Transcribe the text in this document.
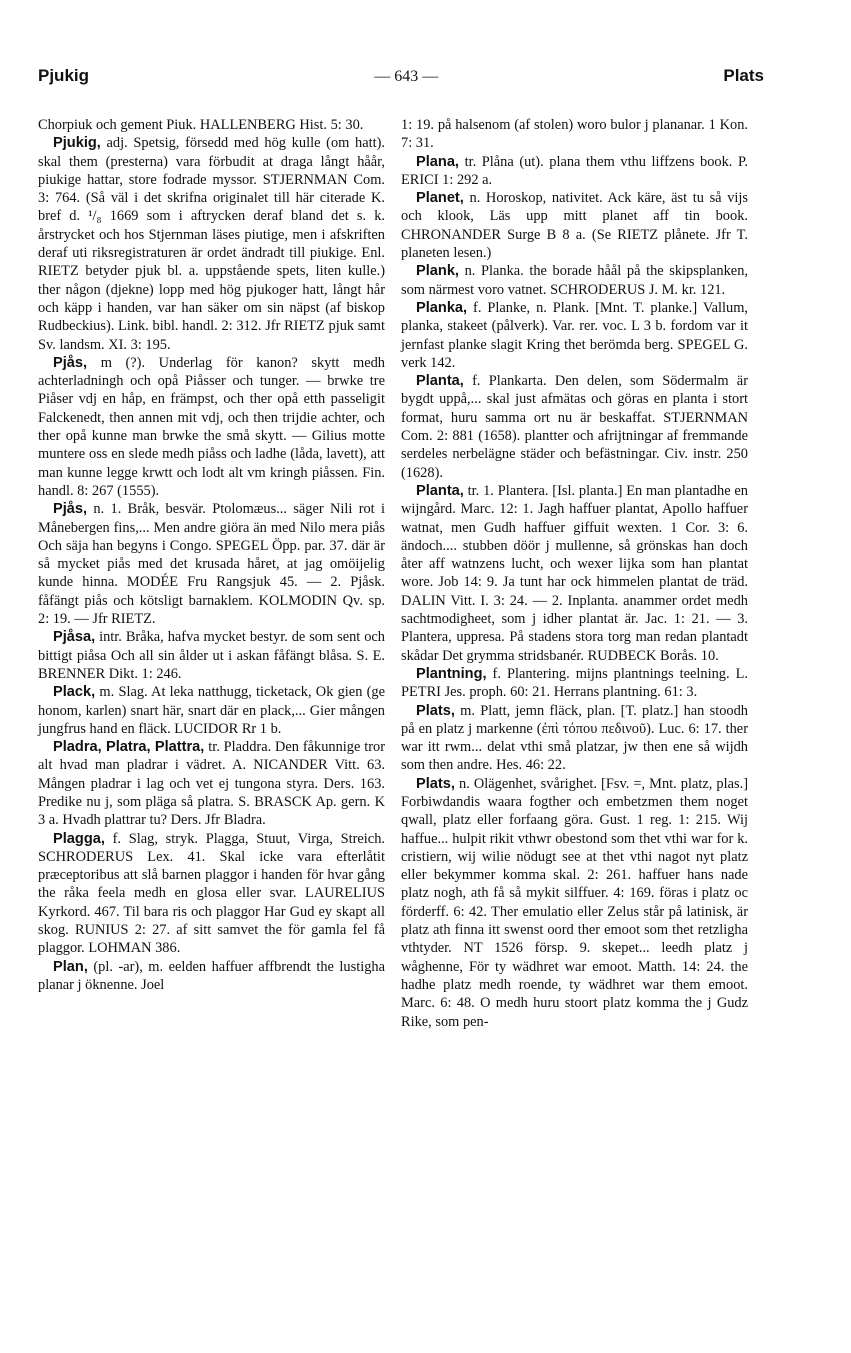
Pjukig	— 643 —	Plats

Chorpiuk och gement Piuk. HALLENBERG Hist. 5: 30.

Pjukig, adj. Spetsig, försedd med hög kulle (om hatt). skal them (presterna) vara förbudit at draga långt håår, piukige hattar, store fodrade myssor. STJERNMAN Com. 3: 764. (Så väl i det skrifna originalet till här citerade K. bref d. ¹/₈ 1669 som i aftrycken deraf bland det s. k. årstrycket och hos Stjernman läses piutige, men i afskriften deraf uti riksregistraturen är ordet ändradt till piukige. Enl. RIETZ betyder pjuk bl. a. uppstående spets, liten kulle.) ther någon (djekne) lopp med hög pjukoger hatt, långt hår och käpp i handen, var han säker om sin näpst (af biskop Rudbeckius). Link. bibl. handl. 2: 312. Jfr RIETZ pjuk samt Sv. landsm. XI. 3: 195.

Pjås, m (?). Underlag för kanon? skytt medh achterladningh och opå Piåsser och tunger. — brwke tre Piåser vdj en håp, en främpst, och ther opå etth passeligit Falckenedt, then annen mit vdj, och then trijdie achter, och ther opå kunne man brwke the små skytt. — Gilius motte muntere oss en slede medh piåss och ladhe (låda, lavett), att man kunne legge krwtt och lodt alt vm kringh piåssen. Fin. handl. 8: 267 (1555).

Pjås, n. 1. Bråk, besvär. Ptolomæus... säger Nili rot i Månebergen fins,... Men andre giöra än med Nilo mera piås Och säja han begyns i Congo. SPEGEL Öpp. par. 37. där är så mycket piås med det krusada håret, at jag omöijelig kunde hinna. MODÉE Fru Rangsjuk 45. — 2. Pjåsk. fåfängt piås och kötsligt barnaklem. KOLMODIN Qv. sp. 2: 19. — Jfr RIETZ.

Pjåsa, intr. Bråka, hafva mycket bestyr. de som sent och bittigt piåsa Och all sin ålder ut i askan fåfängt blåsa. S. E. BRENNER Dikt. 1: 246.

Plack, m. Slag. At leka natthugg, ticketack, Ok gien (ge honom, karlen) snart här, snart där en plack,... Gier mången jungfrus hand en fläck. LUCIDOR Rr 1 b.

Pladra, Platra, Plattra, tr. Pladdra. Den fåkunnige tror alt hvad man pladrar i vädret. A. NICANDER Vitt. 63. Mången pladrar i lag och vet ej tungona styra. Ders. 163. Predike nu j, som pläga så platra. S. BRASCK Ap. gern. K 3 a. Hvadh plattrar tu? Ders. Jfr Bladra.

Plagga, f. Slag, stryk. Plagga, Stuut, Virga, Streich. SCHRODERUS Lex. 41. Skal icke vara efterlåtit præceptoribus att slå barnen plaggor i handen för hvar gång the råka feela medh en glosa eller svar. LAURELIUS Kyrkord. 467. Til bara ris och plaggor Har Gud ey skapt all skog. RUNIUS 2: 27. af sitt samvet the för gamla fel få plaggor. LOHMAN 386.

Plan, (pl. -ar), m. eelden haffuer affbrendt the lustigha planar j öknenne. Joel

1: 19. på halsenom (af stolen) woro bulor j plananar. 1 Kon. 7: 31.

Plana, tr. Plåna (ut). plana them vthu liffzens book. P. ERICI 1: 292 a.

Planet, n. Horoskop, nativitet. Ack käre, äst tu så vijs och klook, Läs upp mitt planet aff tin book. CHRONANDER Surge B 8 a. (Se RIETZ plånete. Jfr T. planeten lesen.)

Plank, n. Planka. the borade håål på the skipsplanken, som närmest voro vatnet. SCHRODERUS J. M. kr. 121.

Planka, f. Planke, n. Plank. [Mnt. T. planke.] Vallum, planka, stakeet (pålverk). Var. rer. voc. L 3 b. fordom var it jernfast planke slagit Kring thet berömda berg. SPEGEL G. verk 142.

Planta, f. Plankarta. Den delen, som Södermalm är bygdt uppå,... skal just afmätas och göras en planta i stort format, huru samma ort nu är beskaffat. STJERNMAN Com. 2: 881 (1658). plantter och afrijtningar af fremmande serdeles nerbelägne städer och befästningar. Civ. instr. 250 (1628).

Planta, tr. 1. Plantera. [Isl. planta.] En man plantadhe en wijngård. Marc. 12: 1. Jagh haffuer plantat, Apollo haffuer watnat, men Gudh haffuer giffuit wexten. 1 Cor. 3: 6. ändoch.... stubben döör j mullenne, så grönskas han doch åter aff watnzens lucht, och wexer lijka som han plantat wore. Job 14: 9. Ja tunt har ock himmelen plantat de träd. DALIN Vitt. I. 3: 24. — 2. Inplanta. anammer ordet medh sachtmodigheet, som j idher plantat är. Jac. 1: 21. — 3. Plantera, uppresa. På stadens stora torg man redan plantadt skådar Det grymma stridsbanér. RUDBECK Borås. 10.

Plantning, f. Plantering. mijns plantnings teelning. L. PETRI Jes. proph. 60: 21. Herrans plantning. 61: 3.

Plats, m. Platt, jemn fläck, plan. [T. platz.] han stoodh på en platz j markenne (ἐπὶ τόπου πεδινοῦ). Luc. 6: 17. ther war itt rwm... delat vthi små platzar, jw then ene så wijdh som then andre. Hes. 46: 22.

Plats, n. Olägenhet, svårighet. [Fsv. =, Mnt. platz, plas.] Forbiwdandis waara fogther och embetzmen them noget qwall, platz eller forfaang göra. Gust. 1 reg. 1: 215. Wij haffue... hulpit rikit vthwr obestond som thet vthi war for k. cristiern, wij wilie nödugt see at thet vthi nagot nyt platz eller bekymmer komma skal. 2: 261. haffuer hans nade platz nogh, ath få så mykit silffuer. 4: 169. föras i platz oc förderff. 6: 42. Ther emulatio eller Zelus står på latinisk, är platz ath finna itt swenst oord ther emoot som thet retzligha vthtyder. NT 1526 försp. 9. skepet... leedh platz j wåghenne, För ty wädhret war emoot. Matth. 14: 24. the hadhe platz medh roende, ty wädhret war them emoot. Marc. 6: 48. O medh huru stoort platz komma the j Gudz Rike, som pen-
